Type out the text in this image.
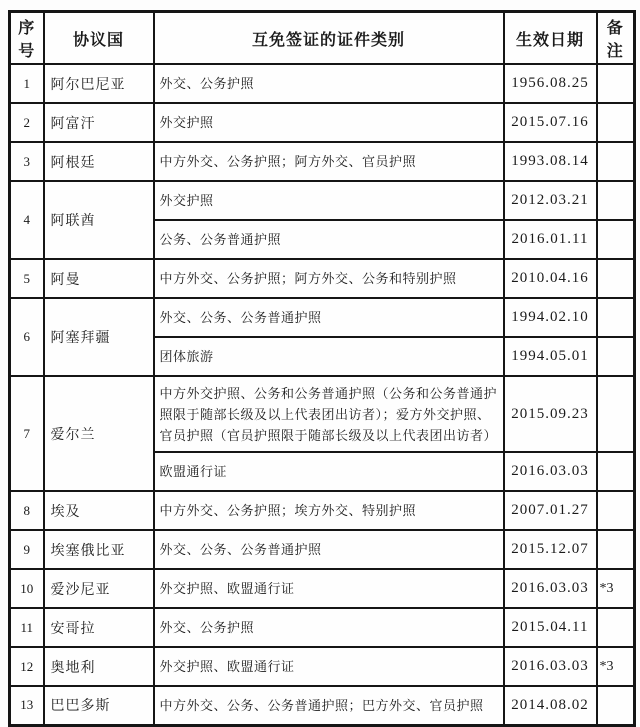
序号	协议国	互免签证的证件类别	生效日期	备注
1	阿尔巴尼亚	外交、公务护照	1956.08.25	
2	阿富汗	外交护照	2015.07.16	
3	阿根廷	中方外交、公务护照；阿方外交、官员护照	1993.08.14	
4	阿联酋	外交护照	2012.03.21	
		公务、公务普通护照	2016.01.11	
5	阿曼	中方外交、公务护照；阿方外交、公务和特别护照	2010.04.16	
6	阿塞拜疆	外交、公务、公务普通护照	1994.02.10	
		团体旅游	1994.05.01	
7	爱尔兰	中方外交护照、公务和公务普通护照（公务和公务普通护照限于随部长级及以上代表团出访者）；爱方外交护照、官员护照（官员护照限于随部长级及以上代表团出访者）	2015.09.23	
		欧盟通行证	2016.03.03	
8	埃及	中方外交、公务护照；埃方外交、特别护照	2007.01.27	
9	埃塞俄比亚	外交、公务、公务普通护照	2015.12.07	
10	爱沙尼亚	外交护照、欧盟通行证	2016.03.03	*3
11	安哥拉	外交、公务护照	2015.04.11	
12	奥地利	外交护照、欧盟通行证	2016.03.03	*3
13	巴巴多斯	中方外交、公务、公务普通护照；巴方外交、官员护照	2014.08.02	
